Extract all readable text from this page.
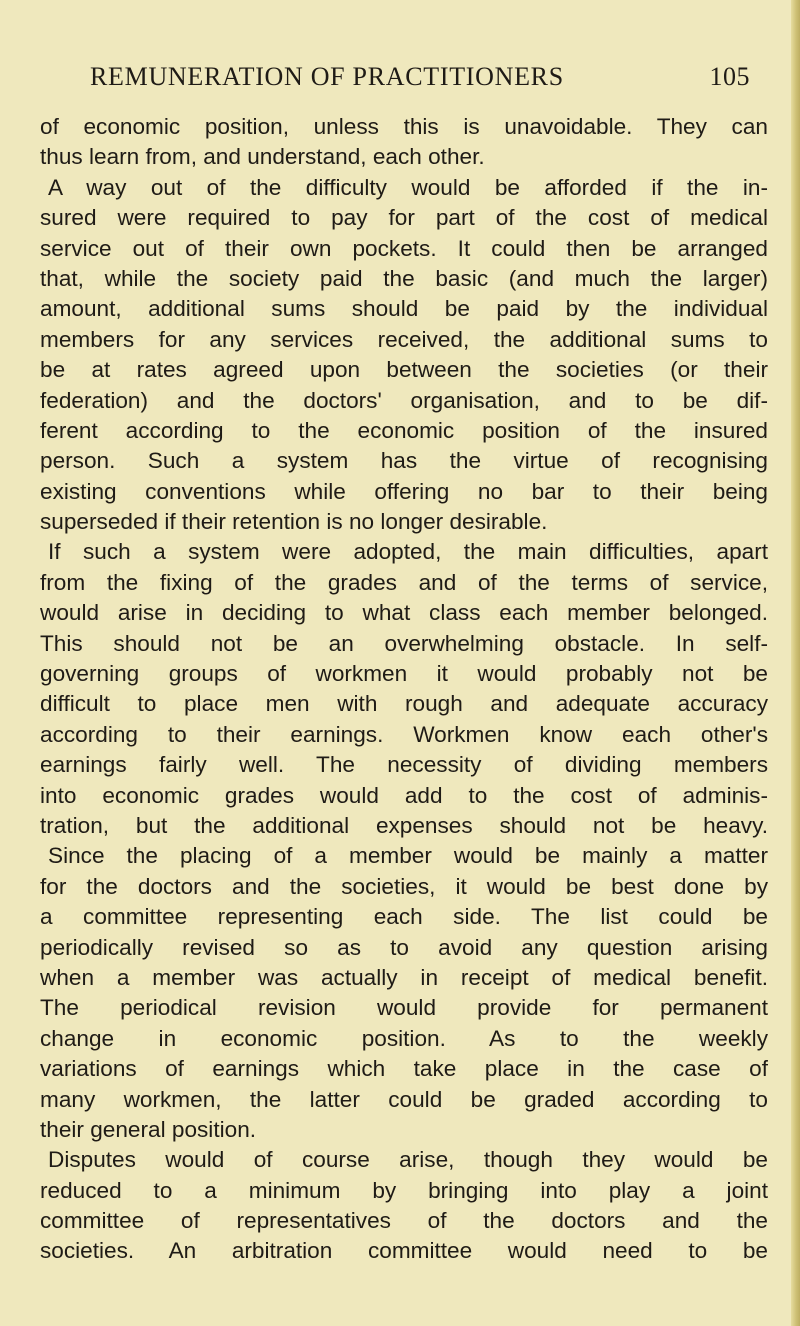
REMUNERATION OF PRACTITIONERS	105
of economic position, unless this is unavoidable. They can
thus learn from, and understand, each other.
A way out of the difficulty would be afforded if the in-
sured were required to pay for part of the cost of medical
service out of their own pockets. It could then be arranged
that, while the society paid the basic (and much the larger)
amount, additional sums should be paid by the individual
members for any services received, the additional sums to
be at rates agreed upon between the societies (or their
federation) and the doctors' organisation, and to be dif-
ferent according to the economic position of the insured
person. Such a system has the virtue of recognising
existing conventions while offering no bar to their being
superseded if their retention is no longer desirable.
If such a system were adopted, the main difficulties, apart
from the fixing of the grades and of the terms of service,
would arise in deciding to what class each member belonged.
This should not be an overwhelming obstacle. In self-
governing groups of workmen it would probably not be
difficult to place men with rough and adequate accuracy
according to their earnings. Workmen know each other's
earnings fairly well. The necessity of dividing members
into economic grades would add to the cost of adminis-
tration, but the additional expenses should not be heavy.
Since the placing of a member would be mainly a matter
for the doctors and the societies, it would be best done by
a committee representing each side. The list could be
periodically revised so as to avoid any question arising
when a member was actually in receipt of medical benefit.
The periodical revision would provide for permanent
change in economic position. As to the weekly
variations of earnings which take place in the case of
many workmen, the latter could be graded according to
their general position.
Disputes would of course arise, though they would be
reduced to a minimum by bringing into play a joint
committee of representatives of the doctors and the
societies. An arbitration committee would need to be
